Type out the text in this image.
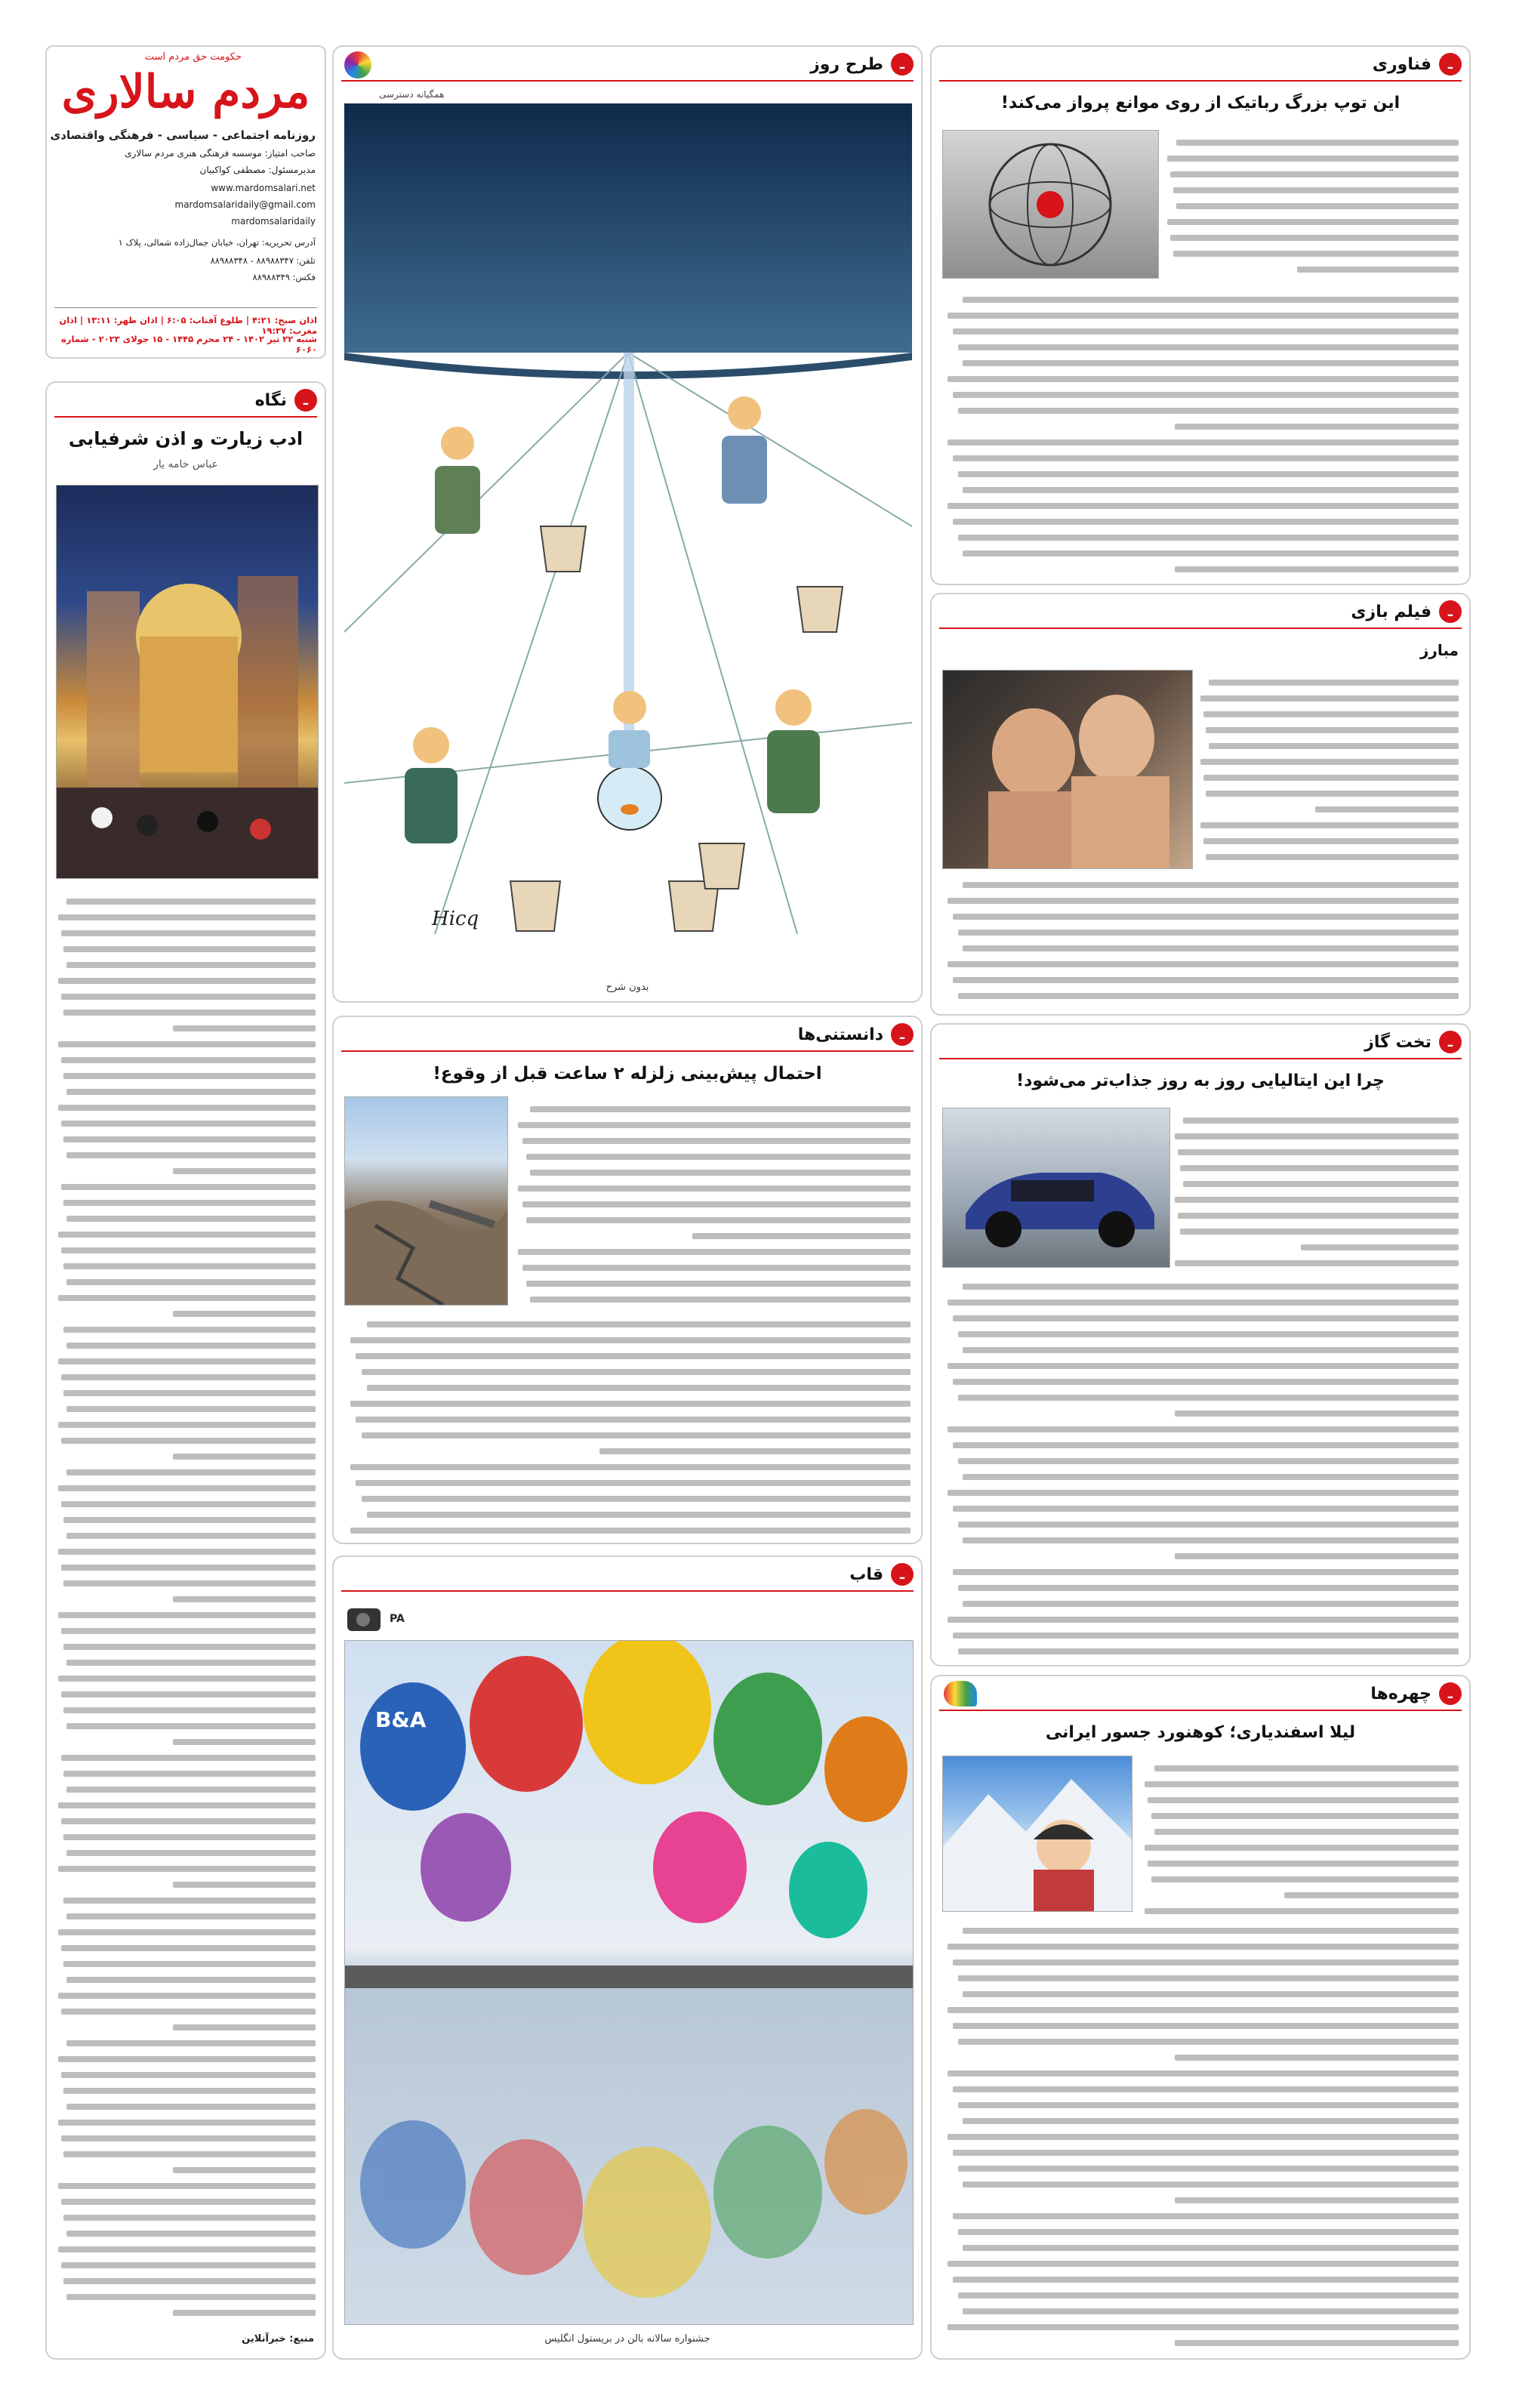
حکومت حق مردم است
مردم سالاری
روزنامه اجتماعی - سیاسی - فرهنگی واقتصادی
صاحب امتیاز: موسسه فرهنگی هنری مردم سالاری
مدیرمسئول: مصطفی کواکبیان
www.mardomsalari.net
mardomsalaridaily@gmail.com
mardomsalaridaily
آدرس تحریریه: تهران، خیابان جمال‌زاده شمالی، پلاک ۱
تلفن: ۸۸۹۸۸۳۴۷ - ۸۸۹۸۸۳۴۸
فکس: ۸۸۹۸۸۳۴۹
اذان صبح: ۴:۲۱ | طلوع آفتاب: ۶:۰۵ | اذان ظهر: ۱۳:۱۱ | اذان مغرب: ۱۹:۳۷
شنبه ۲۲ تیر ۱۴۰۲ - ۲۴ محرم ۱۴۴۵ - ۱۵ جولای ۲۰۲۳ - شماره ۶۰۶۰
ـ
نگاه
ادب زیارت و اذن شرفیابی
عباس خامه یار
منبع: خبرآنلاین
ـ
طرح روز
همگیانه دسترسی
Hicq
بدون شرح
ـ
دانستنی‌ها
احتمال پیش‌بینی زلزله ۲ ساعت قبل از وقوع!
ـ
قاب
PA
B&A
جشنواره سالانه بالن در بریستول انگلیس
ـ
فناوری
این توپ بزرگ رباتیک از روی موانع پرواز می‌کند!
ـ
فیلم بازی
مبارز
ـ
تخت گاز
چرا این ایتالیایی روز به روز جذاب‌تر می‌شود!
ـ
چهره‌ها
لیلا اسفندیاری؛ کوهنورد جسور ایرانی
